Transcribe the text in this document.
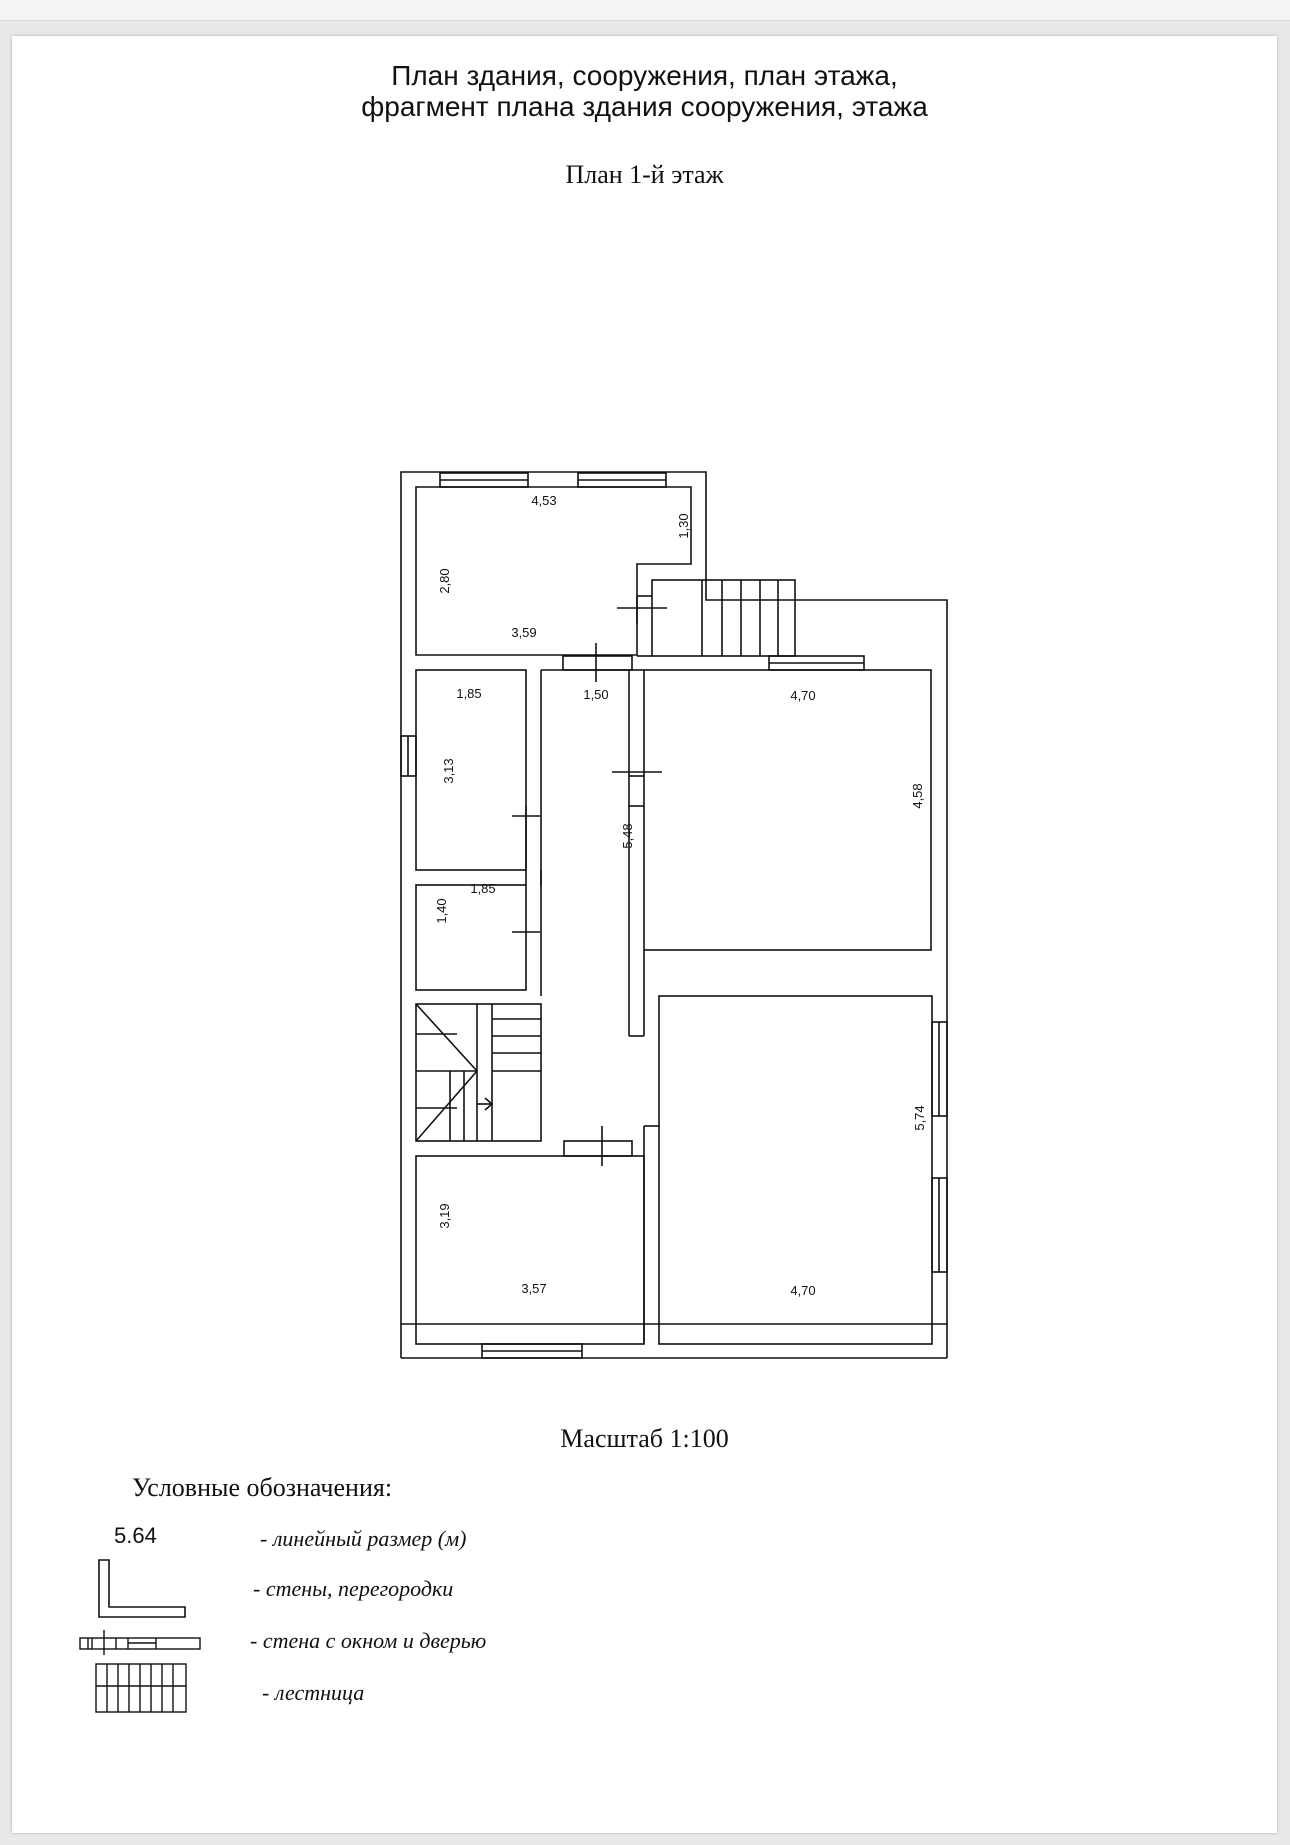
План здания, сооружения, план этажа,
фрагмент плана здания сооружения, этажа
План 1-й этаж
4,53
2,80
1,30
3,59
1,85
3,13
1,50
5,48
4,70
4,58
1,85
1,40
5,74
3,19
3,57	4,70
Масштаб 1:100
Условные обозначения:
5.64	- линейный размер (м)
- стены, перегородки
- стена с окном и дверью
- лестница
